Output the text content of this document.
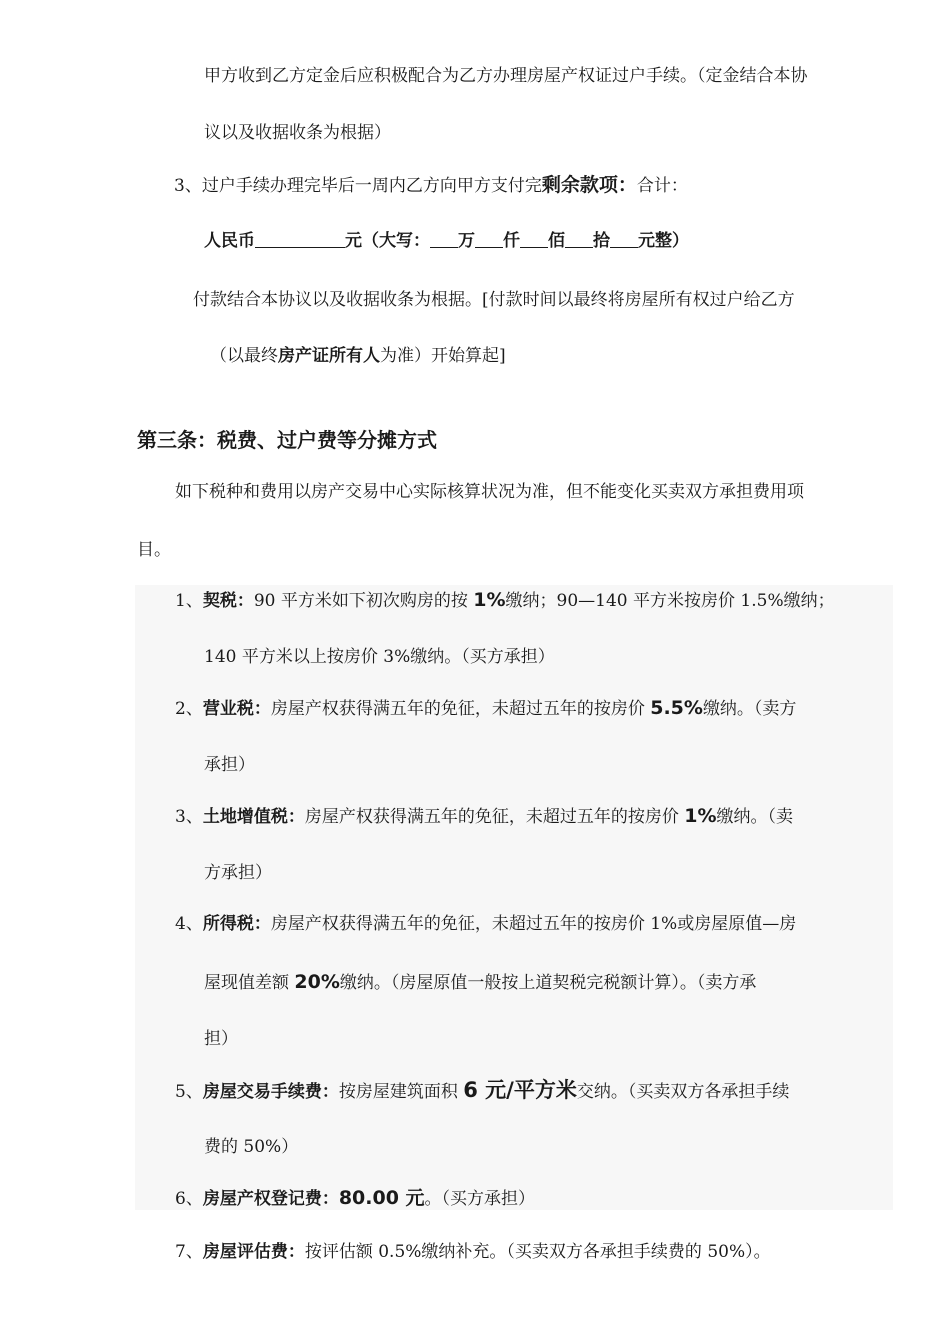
甲方收到乙方定金后应积极配合为乙方办理房屋产权证过户手续。（定金结合本协
议以及收据收条为根据）
3、过户手续办理完毕后一周内乙方向甲方支付完剩余款项：合计：
人民币	元（大写： 万 仟 佰 拾 元整）
付款结合本协议以及收据收条为根据。[付款时间以最终将房屋所有权过户给乙方
（以最终房产证所有人为准）开始算起]
第三条：税费、过户费等分摊方式
如下税种和费用以房产交易中心实际核算状况为准，但不能变化买卖双方承担费用项
目。
1、契税：90 平方米如下初次购房的按 1%缴纳；90—140 平方米按房价 1.5%缴纳；
140 平方米以上按房价 3%缴纳。（买方承担）
2、营业税：房屋产权获得满五年的免征，未超过五年的按房价 5.5%缴纳。（卖方
承担）
3、土地增值税：房屋产权获得满五年的免征，未超过五年的按房价 1%缴纳。（卖
方承担）
4、所得税：房屋产权获得满五年的免征，未超过五年的按房价 1%或房屋原值—房
屋现值差额 20%缴纳。（房屋原值一般按上道契税完税额计算）。（卖方承
担）
5、房屋交易手续费：按房屋建筑面积 6 元/平方米交纳。（买卖双方各承担手续
费的 50%）
6、房屋产权登记费：80.00 元。（买方承担）
7、房屋评估费：按评估额 0.5%缴纳补充。（买卖双方各承担手续费的 50%）。
